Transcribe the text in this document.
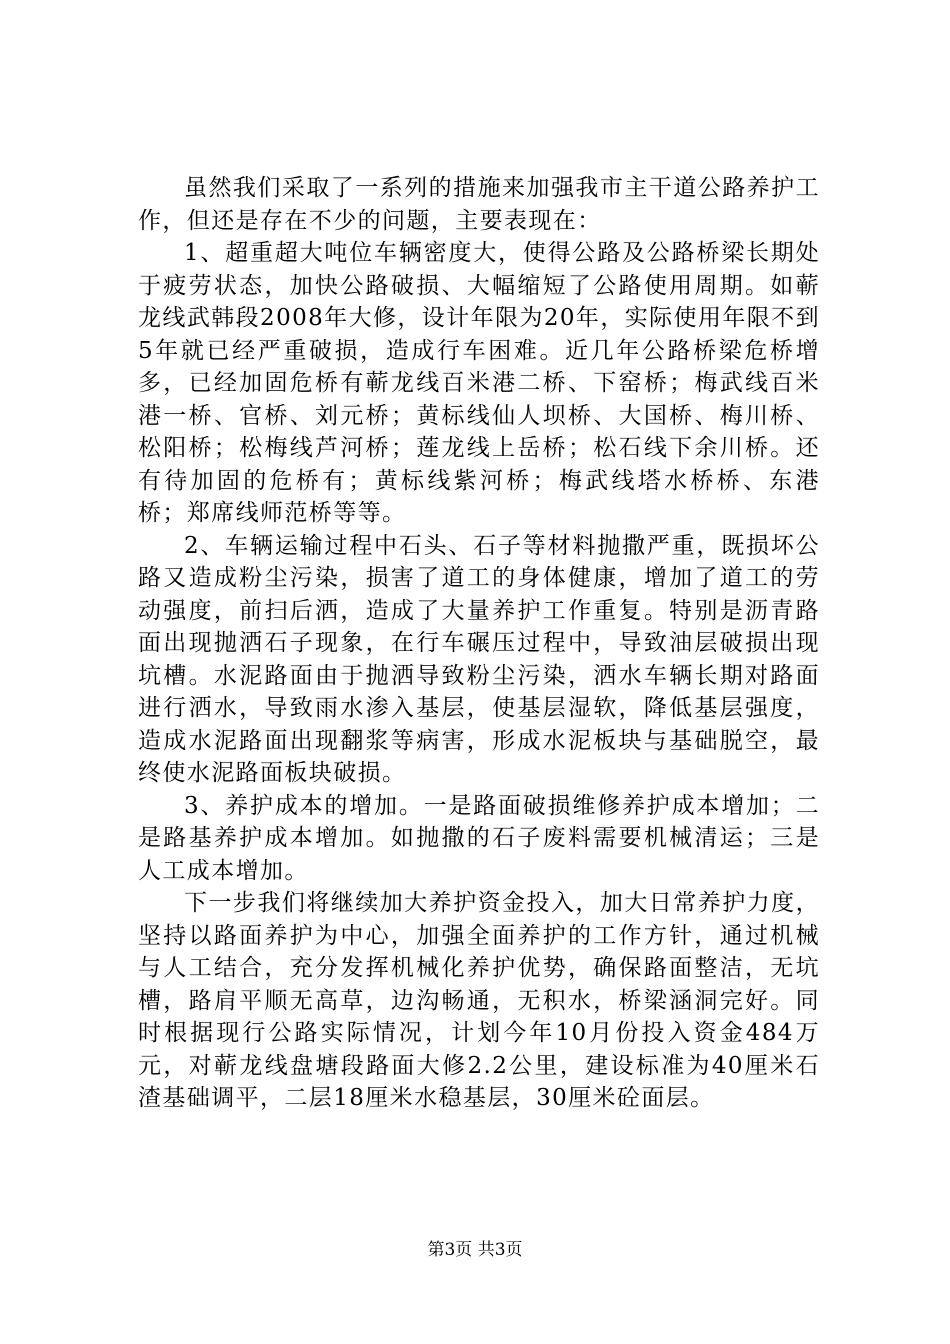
虽然我们采取了一系列的措施来加强我市主干道公路养护工作，但还是存在不少的问题，主要表现在：

1、超重超大吨位车辆密度大，使得公路及公路桥梁长期处于疲劳状态，加快公路破损、大幅缩短了公路使用周期。如蕲龙线武韩段2008年大修，设计年限为20年，实际使用年限不到5年就已经严重破损，造成行车困难。近几年公路桥梁危桥增多，已经加固危桥有蕲龙线百米港二桥、下窑桥；梅武线百米港一桥、官桥、刘元桥；黄标线仙人坝桥、大国桥、梅川桥、松阳桥；松梅线芦河桥；莲龙线上岳桥；松石线下余川桥。还有待加固的危桥有；黄标线紫河桥；梅武线塔水桥桥、东港桥；郑席线师范桥等等。

2、车辆运输过程中石头、石子等材料抛撒严重，既损坏公路又造成粉尘污染，损害了道工的身体健康，增加了道工的劳动强度，前扫后洒，造成了大量养护工作重复。特别是沥青路面出现抛洒石子现象，在行车碾压过程中，导致油层破损出现坑槽。水泥路面由于抛洒导致粉尘污染，洒水车辆长期对路面进行洒水，导致雨水渗入基层，使基层湿软，降低基层强度，造成水泥路面出现翻浆等病害，形成水泥板块与基础脱空，最终使水泥路面板块破损。

3、养护成本的增加。一是路面破损维修养护成本增加；二是路基养护成本增加。如抛撒的石子废料需要机械清运；三是人工成本增加。

下一步我们将继续加大养护资金投入，加大日常养护力度，坚持以路面养护为中心，加强全面养护的工作方针，通过机械与人工结合，充分发挥机械化养护优势，确保路面整洁，无坑槽，路肩平顺无高草，边沟畅通，无积水，桥梁涵洞完好。同时根据现行公路实际情况，计划今年10月份投入资金484万元，对蕲龙线盘塘段路面大修2.2公里，建设标准为40厘米石渣基础调平，二层18厘米水稳基层，30厘米砼面层。

第3页 共3页
